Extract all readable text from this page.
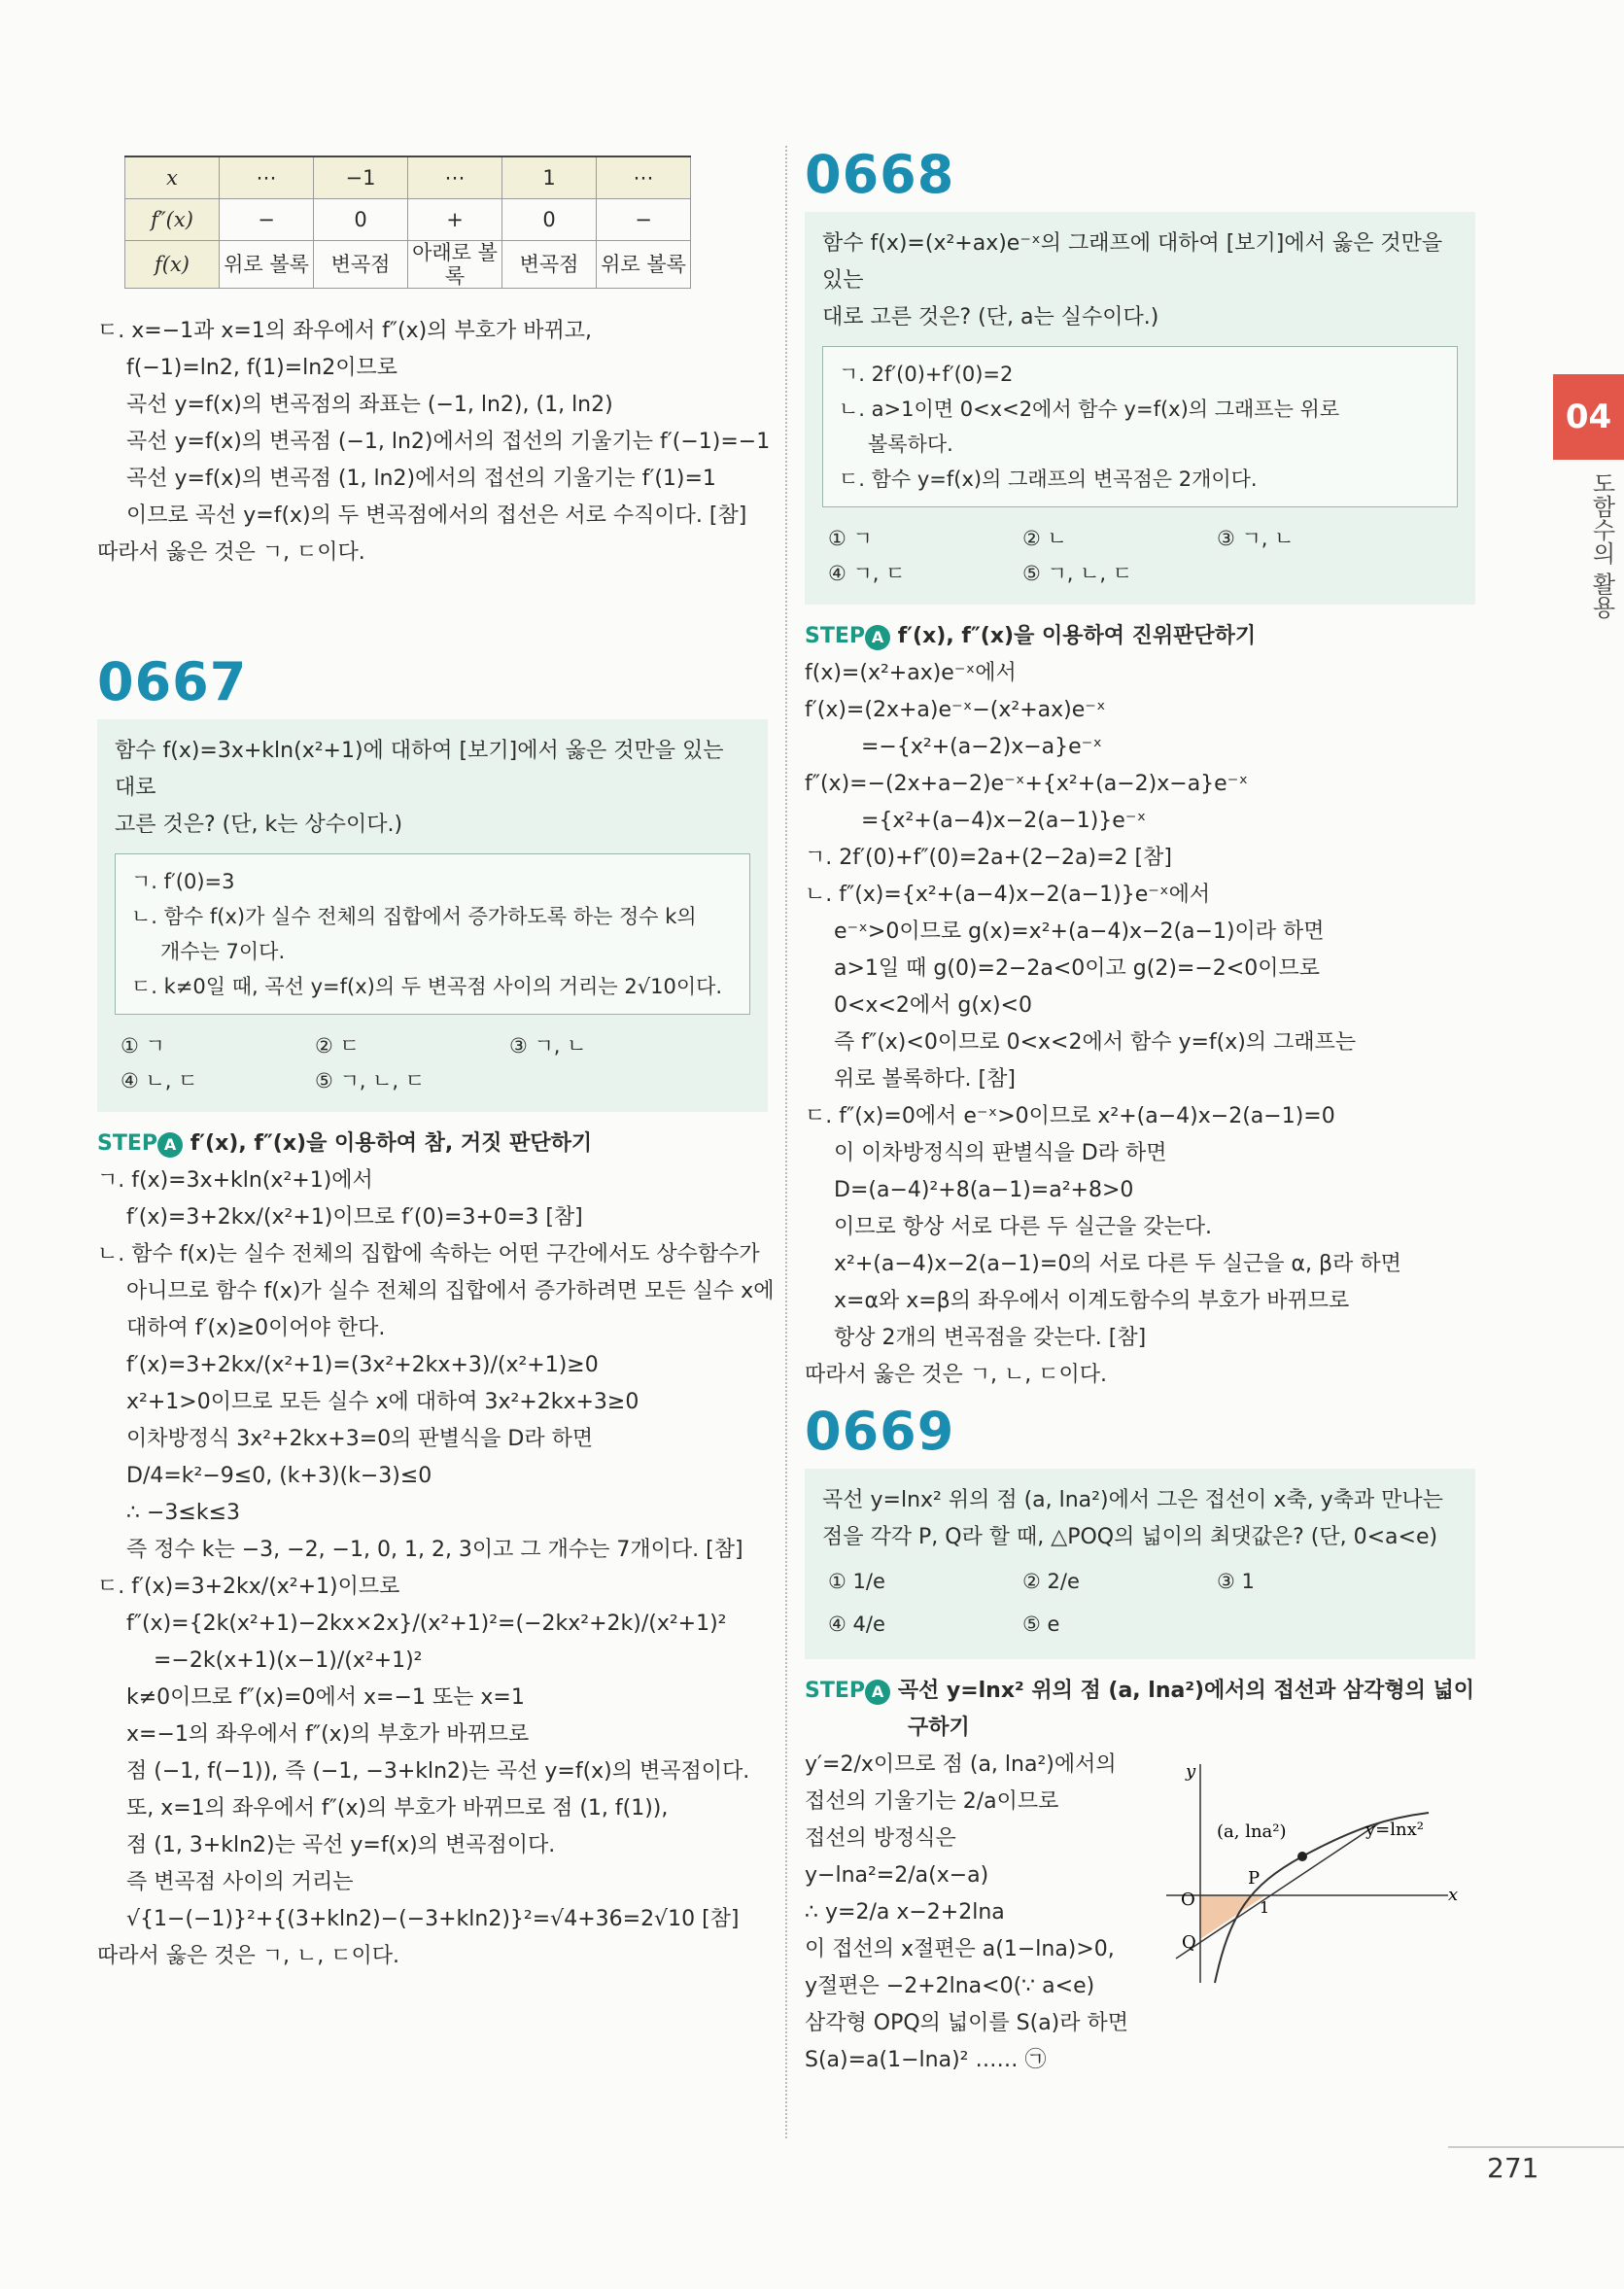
x	⋯	−1	⋯	1	⋯
f″(x)	−	0	+	0	−
f(x)	위로 볼록	변곡점	아래로 볼록	변곡점	위로 볼록
ㄷ. x=−1과 x=1의 좌우에서 f″(x)의 부호가 바뀌고,
f(−1)=ln2, f(1)=ln2이므로
곡선 y=f(x)의 변곡점의 좌표는 (−1, ln2), (1, ln2)
곡선 y=f(x)의 변곡점 (−1, ln2)에서의 접선의 기울기는 f′(−1)=−1
곡선 y=f(x)의 변곡점 (1, ln2)에서의 접선의 기울기는 f′(1)=1
이므로 곡선 y=f(x)의 두 변곡점에서의 접선은 서로 수직이다. [참]
따라서 옳은 것은 ㄱ, ㄷ이다.
0667
함수 f(x)=3x+kln(x²+1)에 대하여 [보기]에서 옳은 것만을 있는 대로
고른 것은? (단, k는 상수이다.)
ㄱ. f′(0)=3
ㄴ. 함수 f(x)가 실수 전체의 집합에서 증가하도록 하는 정수 k의
개수는 7이다.
ㄷ. k≠0일 때, 곡선 y=f(x)의 두 변곡점 사이의 거리는 2√10이다.
① ㄱ	② ㄷ	③ ㄱ, ㄴ
④ ㄴ, ㄷ	⑤ ㄱ, ㄴ, ㄷ
STEP A f′(x), f″(x)을 이용하여 참, 거짓 판단하기
ㄱ. f(x)=3x+kln(x²+1)에서
f′(x)=3+2kx/(x²+1)이므로 f′(0)=3+0=3 [참]
ㄴ. 함수 f(x)는 실수 전체의 집합에 속하는 어떤 구간에서도 상수함수가
아니므로 함수 f(x)가 실수 전체의 집합에서 증가하려면 모든 실수 x에
대하여 f′(x)≥0이어야 한다.
f′(x)=3+2kx/(x²+1)=(3x²+2kx+3)/(x²+1)≥0
x²+1>0이므로 모든 실수 x에 대하여 3x²+2kx+3≥0
이차방정식 3x²+2kx+3=0의 판별식을 D라 하면
D/4=k²−9≤0, (k+3)(k−3)≤0
∴ −3≤k≤3
즉 정수 k는 −3, −2, −1, 0, 1, 2, 3이고 그 개수는 7개이다. [참]
ㄷ. f′(x)=3+2kx/(x²+1)이므로
f″(x)={2k(x²+1)−2kx×2x}/(x²+1)²=(−2kx²+2k)/(x²+1)²
=−2k(x+1)(x−1)/(x²+1)²
k≠0이므로 f″(x)=0에서 x=−1 또는 x=1
x=−1의 좌우에서 f″(x)의 부호가 바뀌므로
점 (−1, f(−1)), 즉 (−1, −3+kln2)는 곡선 y=f(x)의 변곡점이다.
또, x=1의 좌우에서 f″(x)의 부호가 바뀌므로 점 (1, f(1)),
점 (1, 3+kln2)는 곡선 y=f(x)의 변곡점이다.
즉 변곡점 사이의 거리는
√{1−(−1)}²+{(3+kln2)−(−3+kln2)}²=√4+36=2√10 [참]
따라서 옳은 것은 ㄱ, ㄴ, ㄷ이다.
0668
함수 f(x)=(x²+ax)e⁻ˣ의 그래프에 대하여 [보기]에서 옳은 것만을 있는
대로 고른 것은? (단, a는 실수이다.)
ㄱ. 2f′(0)+f′(0)=2
ㄴ. a>1이면 0<x<2에서 함수 y=f(x)의 그래프는 위로
볼록하다.
ㄷ. 함수 y=f(x)의 그래프의 변곡점은 2개이다.
① ㄱ	② ㄴ	③ ㄱ, ㄴ
④ ㄱ, ㄷ	⑤ ㄱ, ㄴ, ㄷ
STEP A f′(x), f″(x)을 이용하여 진위판단하기
f(x)=(x²+ax)e⁻ˣ에서
f′(x)=(2x+a)e⁻ˣ−(x²+ax)e⁻ˣ
=−{x²+(a−2)x−a}e⁻ˣ
f″(x)=−(2x+a−2)e⁻ˣ+{x²+(a−2)x−a}e⁻ˣ
={x²+(a−4)x−2(a−1)}e⁻ˣ
ㄱ. 2f′(0)+f″(0)=2a+(2−2a)=2 [참]
ㄴ. f″(x)={x²+(a−4)x−2(a−1)}e⁻ˣ에서
e⁻ˣ>0이므로 g(x)=x²+(a−4)x−2(a−1)이라 하면
a>1일 때 g(0)=2−2a<0이고 g(2)=−2<0이므로
0<x<2에서 g(x)<0
즉 f″(x)<0이므로 0<x<2에서 함수 y=f(x)의 그래프는
위로 볼록하다. [참]
ㄷ. f″(x)=0에서 e⁻ˣ>0이므로 x²+(a−4)x−2(a−1)=0
이 이차방정식의 판별식을 D라 하면
D=(a−4)²+8(a−1)=a²+8>0
이므로 항상 서로 다른 두 실근을 갖는다.
x²+(a−4)x−2(a−1)=0의 서로 다른 두 실근을 α, β라 하면
x=α와 x=β의 좌우에서 이계도함수의 부호가 바뀌므로
항상 2개의 변곡점을 갖는다. [참]
따라서 옳은 것은 ㄱ, ㄴ, ㄷ이다.
0669
곡선 y=lnx² 위의 점 (a, lna²)에서 그은 접선이 x축, y축과 만나는
점을 각각 P, Q라 할 때, △POQ의 넓이의 최댓값은? (단, 0<a<e)
① 1/e	② 2/e	③ 1
④ 4/e	⑤ e
STEP A 곡선 y=lnx² 위의 점 (a, lna²)에서의 접선과 삼각형의 넓이
구하기
y′=2/x이므로 점 (a, lna²)에서의
접선의 기울기는 2/a이므로
접선의 방정식은
y−lna²=2/a(x−a)
∴ y=2/a x−2+2lna
이 접선의 x절편은 a(1−lna)>0,
y절편은 −2+2lna<0(∵ a<e)
삼각형 OPQ의 넓이를 S(a)라 하면
S(a)=a(1−lna)² …… ㉠
y
x
O
(a, lna²)	y=lnx²
P
Q
1
04
도함수의 활용
271
